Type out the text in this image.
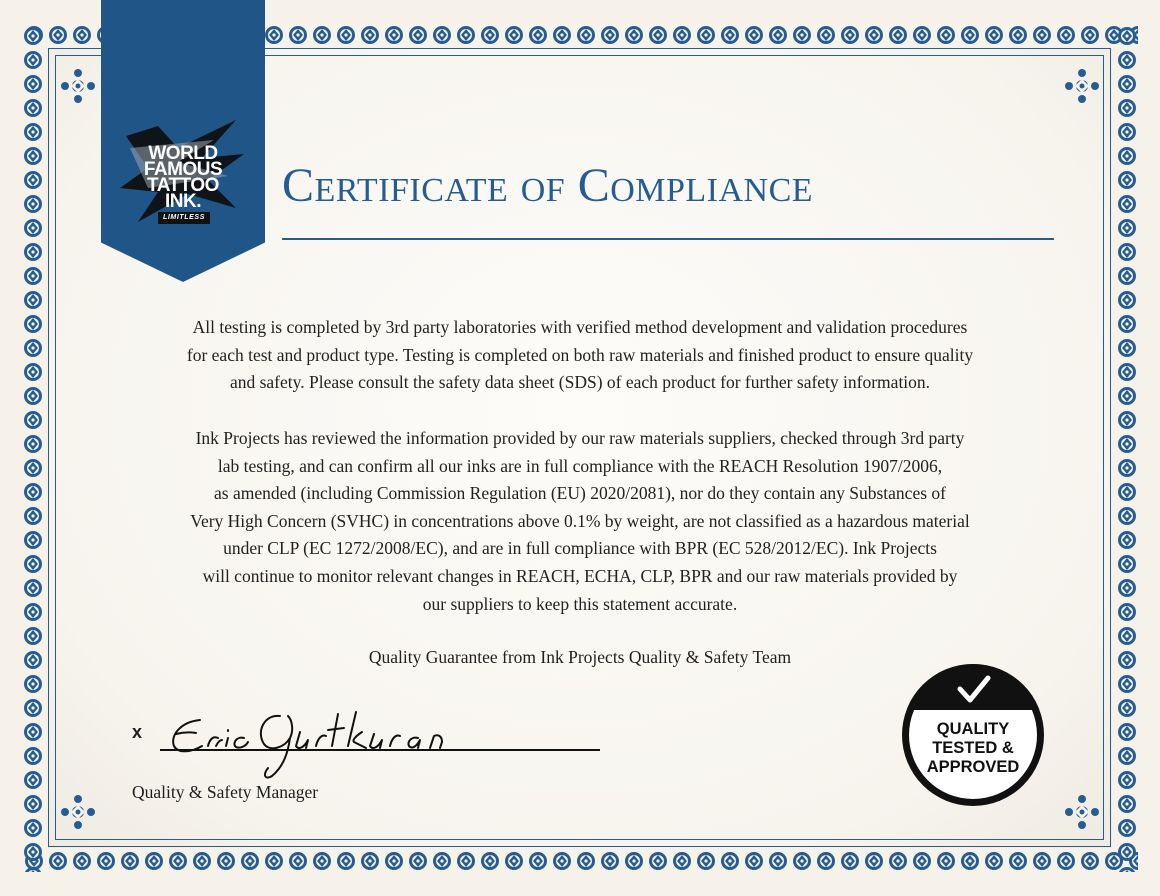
WORLD
FAMOUS
TATTOO
INK.
LIMITLESS
Certificate of Compliance
All testing is completed by 3rd party laboratories with verified method development and validation procedures
for each test and product type. Testing is completed on both raw materials and finished product to ensure quality
and safety. Please consult the safety data sheet (SDS) of each product for further safety information.
Ink Projects has reviewed the information provided by our raw materials suppliers, checked through 3rd party
lab testing, and can confirm all our inks are in full compliance with the REACH Resolution 1907/2006,
as amended (including Commission Regulation (EU) 2020/2081), nor do they contain any Substances of
Very High Concern (SVHC) in concentrations above 0.1% by weight, are not classified as a hazardous material
under CLP (EC 1272/2008/EC), and are in full compliance with BPR (EC 528/2012/EC). Ink Projects
will continue to monitor relevant changes in REACH, ECHA, CLP, BPR and our raw materials provided by
our suppliers to keep this statement accurate.
Quality Guarantee from Ink Projects Quality & Safety Team
x
Quality & Safety Manager
QUALITY
TESTED &
APPROVED
